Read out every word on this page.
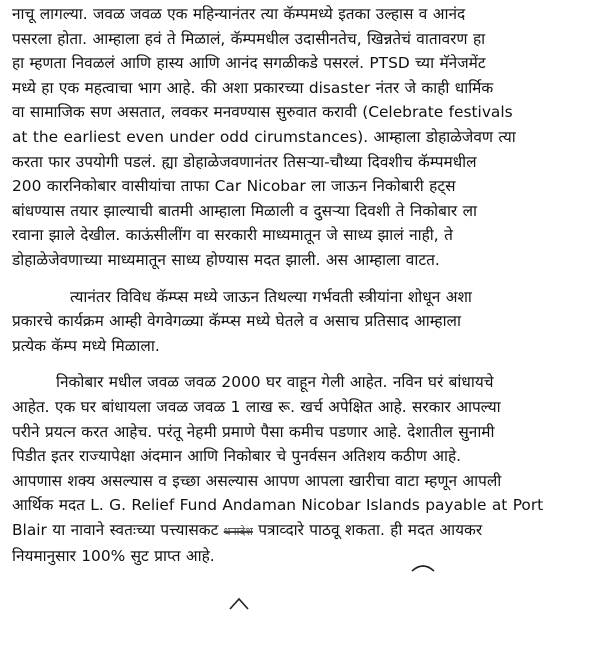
नाचू लागल्या. जवळ जवळ एक महिन्यानंतर त्या कॅम्पमध्ये इतका उल्हास व आनंद
पसरला होता. आम्हाला हवं ते मिळालं, कॅम्पमधील उदासीनतेच, खिन्नतेचं वातावरण हा
हा म्हणता निवळलं आणि हास्य आणि आनंद सगळीकडे पसरलं. PTSD च्या मॅनेजमेंट
मध्ये हा एक महत्वाचा भाग आहे. की अशा प्रकारच्या disaster नंतर जे काही धार्मिक
वा सामाजिक सण असतात, लवकर मनवण्यास सुरुवात करावी (Celebrate festivals
at the earliest even under odd cirumstances). आम्हाला डोहाळेजेवण त्या
करता फार उपयोगी पडलं. ह्या डोहाळेजवणानंतर तिसऱ्या-चौथ्या दिवशीच कॅम्पमधील
200 कारनिकोबार वासीयांचा ताफा Car Nicobar ला जाऊन निकोबारी हट्स
बांधण्यास तयार झाल्याची बातमी आम्हाला मिळाली व दुसऱ्या दिवशी ते निकोबार ला
रवाना झाले देखील. काऊंसीलींग वा सरकारी माध्यमातून जे साध्य झालं नाही, ते
डोहाळेजेवणाच्या माध्यमातून साध्य होण्यास मदत झाली. अस आम्हाला वाटत.

त्यानंतर विविध कॅम्प्स मध्ये जाऊन तिथल्या गर्भवती स्त्रीयांना शोधून अशा
प्रकारचे कार्यक्रम आम्ही वेगवेगळ्या कॅम्प्स मध्ये घेतले व असाच प्रतिसाद आम्हाला
प्रत्येक कॅम्प मध्ये मिळाला.

निकोबार मधील जवळ जवळ 2000 घर वाहून गेली आहेत. नविन घरं बांधायचे
आहेत. एक घर बांधायला जवळ जवळ 1 लाख रू. खर्च अपेक्षित आहे. सरकार आपल्या
परीने प्रयत्न करत आहेच. परंतू नेहमी प्रमाणे पैसा कमीच पडणार आहे. देशातील सुनामी
पिडीत इतर राज्यापेक्षा अंदमान आणि निकोबार चे पुनर्वसन अतिशय कठीण आहे.
आपणास शक्य असल्यास व इच्छा असल्यास आपण आपला खारीचा वाटा म्हणून आपली
आर्थिक मदत L. G. Relief Fund Andaman Nicobar Islands payable at Port
Blair या नावाने स्वतःच्या पत्त्यासकट धनादेश पत्राव्दारे पाठवू शकता. ही मदत आयकर
नियमानुसार 100% सुट प्राप्त आहे.
